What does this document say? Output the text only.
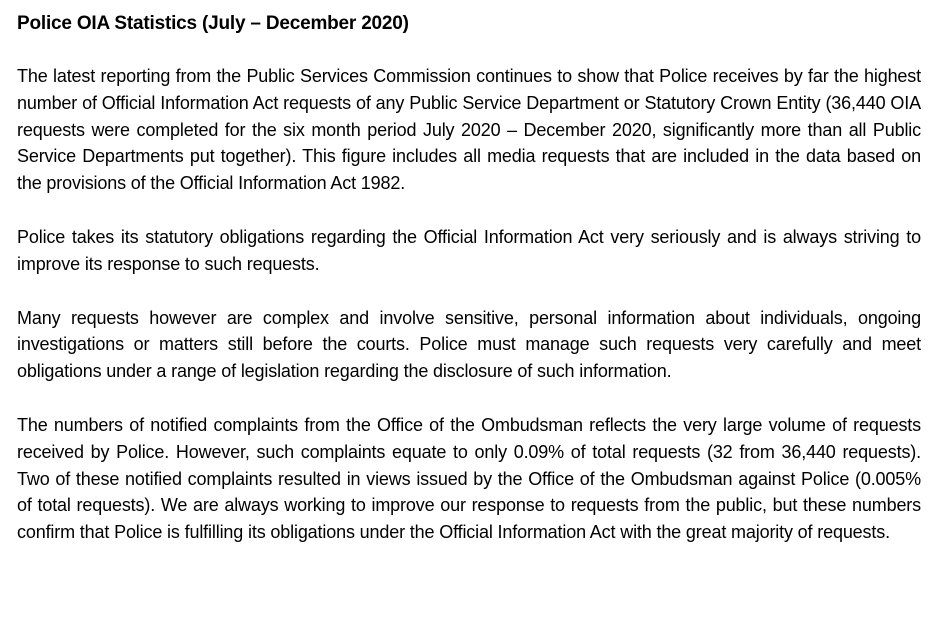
Police OIA Statistics (July – December 2020)

The latest reporting from the Public Services Commission continues to show that Police receives by far the highest number of Official Information Act requests of any Public Service Department or Statutory Crown Entity (36,440 OIA requests were completed for the six month period July 2020 – December 2020, significantly more than all Public Service Departments put together). This figure includes all media requests that are included in the data based on the provisions of the Official Information Act 1982.

Police takes its statutory obligations regarding the Official Information Act very seriously and is always striving to improve its response to such requests.

Many requests however are complex and involve sensitive, personal information about individuals, ongoing investigations or matters still before the courts. Police must manage such requests very carefully and meet obligations under a range of legislation regarding the disclosure of such information.

The numbers of notified complaints from the Office of the Ombudsman reflects the very large volume of requests received by Police. However, such complaints equate to only 0.09% of total requests (32 from 36,440 requests). Two of these notified complaints resulted in views issued by the Office of the Ombudsman against Police (0.005% of total requests). We are always working to improve our response to requests from the public, but these numbers confirm that Police is fulfilling its obligations under the Official Information Act with the great majority of requests.
